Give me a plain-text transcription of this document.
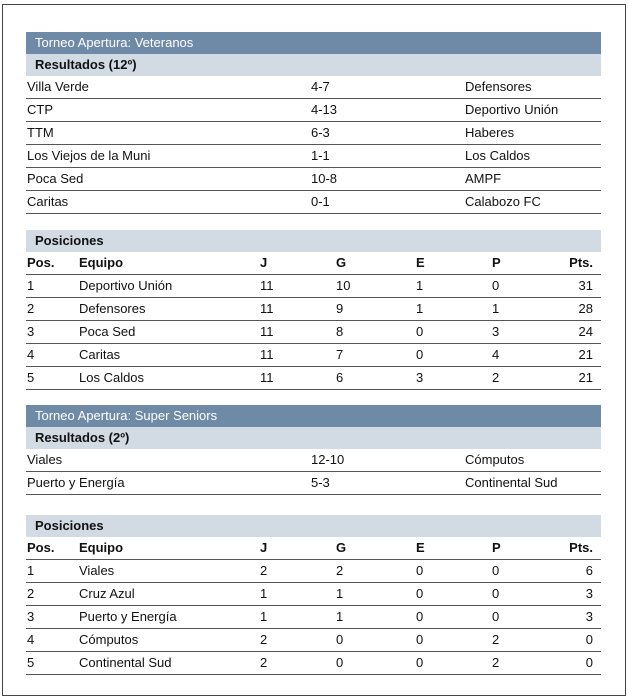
Torneo Apertura: Veteranos
Resultados (12º)
Villa Verde	4-7	Defensores
CTP	4-13	Deportivo Unión
TTM	6-3	Haberes
Los Viejos de la Muni	1-1	Los Caldos
Poca Sed	10-8	AMPF
Caritas	0-1	Calabozo FC
Posiciones
Pos. Equipo	J	G	E	P	Pts.
1	Deportivo Unión	11	10	1	0	31
2	Defensores	11	9	1	1	28
3	Poca Sed	11	8	0	3	24
4	Caritas	11	7	0	4	21
5	Los Caldos	11	6	3	2	21
Torneo Apertura: Super Seniors
Resultados (2º)
Viales	12-10	Cómputos
Puerto y Energía	5-3	Continental Sud
Posiciones
Pos. Equipo	J	G	E	P	Pts.
1	Viales	2	2	0	0	6
2	Cruz Azul	1	1	0	0	3
3	Puerto y Energía	1	1	0	0	3
4	Cómputos	2	0	0	2	0
5	Continental Sud	2	0	0	2	0
